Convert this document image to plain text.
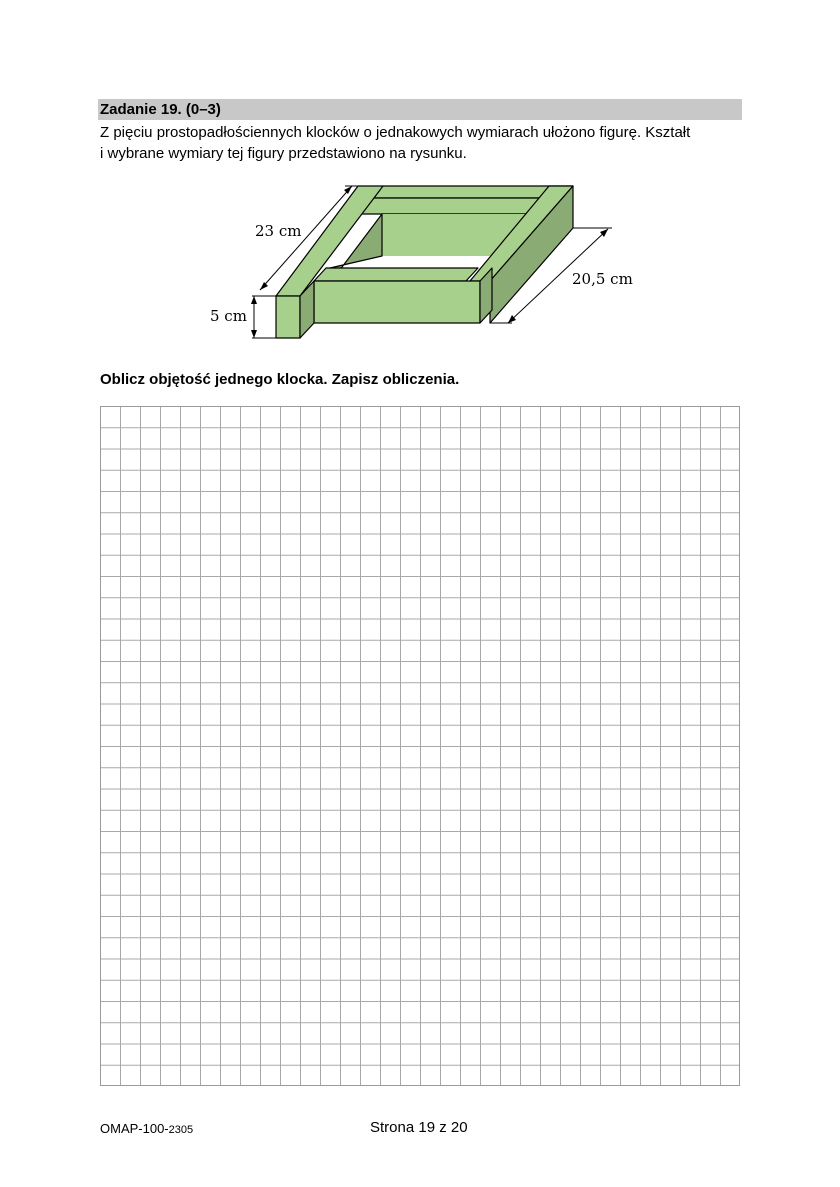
Zadanie 19. (0–3)
Z pięciu prostopadłościennych klocków o jednakowych wymiarach ułożono figurę. Kształt
i wybrane wymiary tej figury przedstawiono na rysunku.
23 cm
20,5 cm
5 cm
Oblicz objętość jednego klocka. Zapisz obliczenia.
OMAP-100-2305	Strona 19 z 20
